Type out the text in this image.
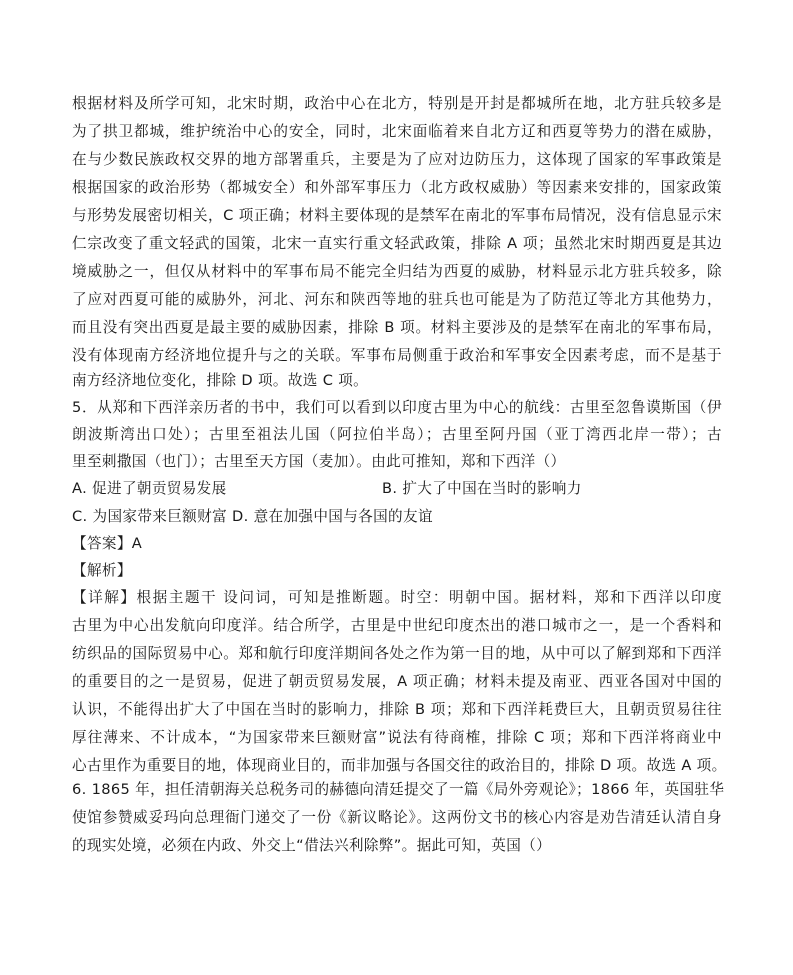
根据材料及所学可知，北宋时期，政治中心在北方，特别是开封是都城所在地，北方驻兵较多是
为了拱卫都城，维护统治中心的安全，同时，北宋面临着来自北方辽和西夏等势力的潜在威胁，
在与少数民族政权交界的地方部署重兵，主要是为了应对边防压力，这体现了国家的军事政策是
根据国家的政治形势（都城安全）和外部军事压力（北方政权威胁）等因素来安排的，国家政策
与形势发展密切相关，C 项正确；材料主要体现的是禁军在南北的军事布局情况，没有信息显示宋
仁宗改变了重文轻武的国策，北宋一直实行重文轻武政策，排除 A 项；虽然北宋时期西夏是其边
境威胁之一，但仅从材料中的军事布局不能完全归结为西夏的威胁，材料显示北方驻兵较多，除
了应对西夏可能的威胁外，河北、河东和陕西等地的驻兵也可能是为了防范辽等北方其他势力，
而且没有突出西夏是最主要的威胁因素，排除 B 项。材料主要涉及的是禁军在南北的军事布局，
没有体现南方经济地位提升与之的关联。军事布局侧重于政治和军事安全因素考虑，而不是基于
南方经济地位变化，排除 D 项。故选 C 项。
5．从郑和下西洋亲历者的书中，我们可以看到以印度古里为中心的航线：古里至忽鲁谟斯国（伊
朗波斯湾出口处）；古里至祖法儿国（阿拉伯半岛）；古里至阿丹国（亚丁湾西北岸一带）；古
里至刺撒国（也门）；古里至天方国（麦加）。由此可推知，郑和下西洋（）
A. 促进了朝贡贸易发展	B. 扩大了中国在当时的影响力
C. 为国家带来巨额财富 D. 意在加强中国与各国的友谊
【答案】A
【解析】
【详解】根据主题干 设问词，可知是推断题。时空：明朝中国。据材料，郑和下西洋以印度
古里为中心出发航向印度洋。结合所学，古里是中世纪印度杰出的港口城市之一，是一个香料和
纺织品的国际贸易中心。郑和航行印度洋期间各处之作为第一目的地，从中可以了解到郑和下西洋
的重要目的之一是贸易，促进了朝贡贸易发展，A 项正确；材料未提及南亚、西亚各国对中国的
认识，不能得出扩大了中国在当时的影响力，排除 B 项；郑和下西洋耗费巨大，且朝贡贸易往往
厚往薄来、不计成本，“为国家带来巨额财富”说法有待商榷，排除 C 项；郑和下西洋将商业中
心古里作为重要目的地，体现商业目的，而非加强与各国交往的政治目的，排除 D 项。故选 A 项。
6. 1865 年，担任清朝海关总税务司的赫德向清廷提交了一篇《局外旁观论》；1866 年，英国驻华
使馆参赞威妥玛向总理衙门递交了一份《新议略论》。这两份文书的核心内容是劝告清廷认清自身
的现实处境，必须在内政、外交上“借法兴利除弊”。据此可知，英国（）
